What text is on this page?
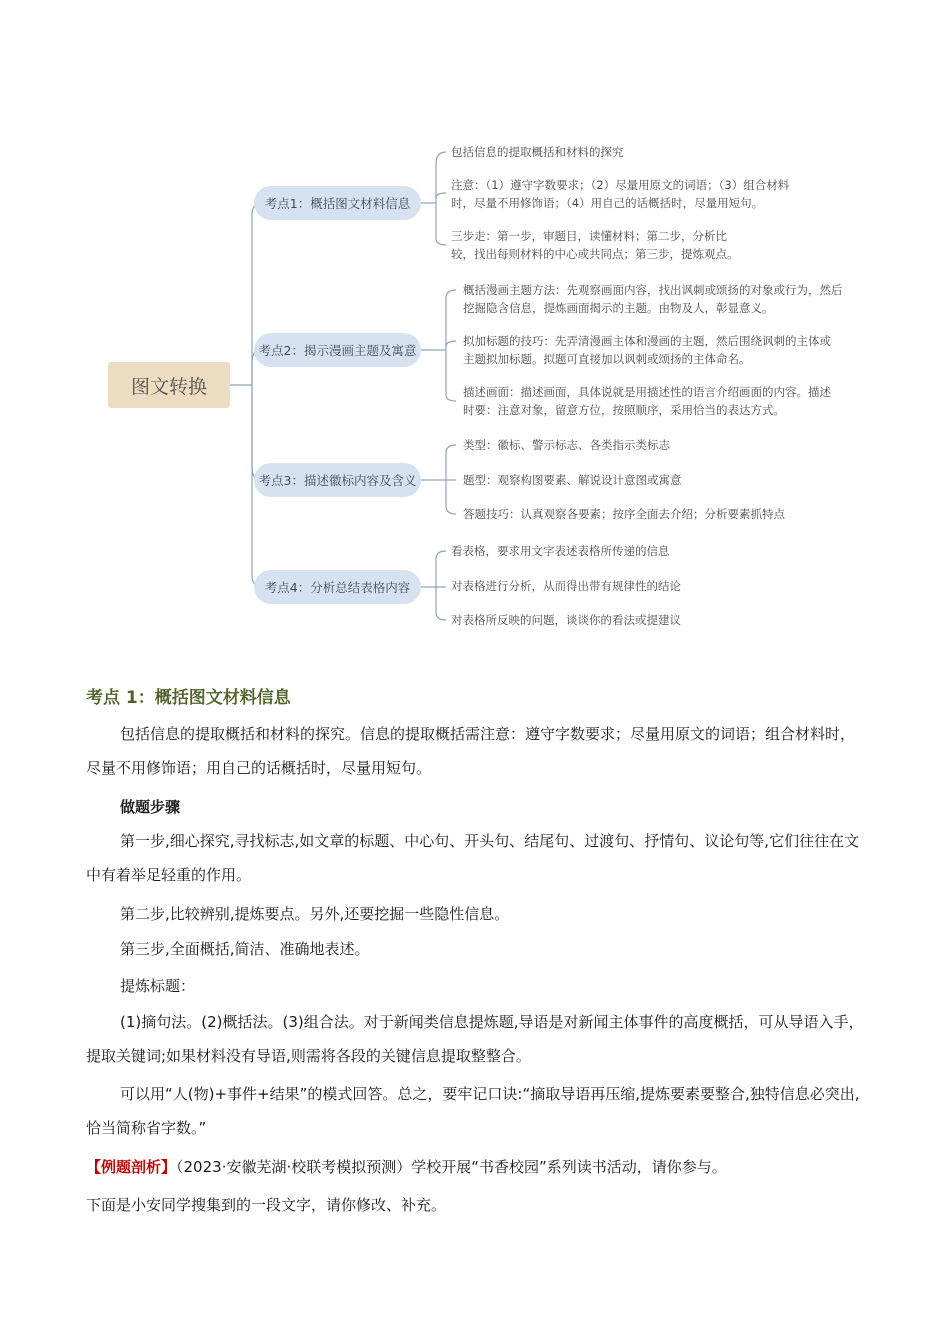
图文转换
考点1：概括图文材料信息
考点2：揭示漫画主题及寓意
考点3：描述徽标内容及含义
考点4：分析总结表格内容
包括信息的提取概括和材料的探究
注意：（1）遵守字数要求；（2）尽量用原文的词语；（3）组合材料
时，尽量不用修饰语；（4）用自己的话概括时，尽量用短句。
三步走：第一步，审题目，读懂材料；第二步，分析比
较，找出每则材料的中心或共同点；第三步，提炼观点。
概括漫画主题方法：先观察画面内容，找出讽刺或颂扬的对象或行为，然后
挖掘隐含信息，提炼画面揭示的主题。由物及人，彰显意义。
拟加标题的技巧：先弄清漫画主体和漫画的主题，然后围绕讽刺的主体或
主题拟加标题。拟题可直接加以讽刺或颂扬的主体命名。
描述画面：描述画面，具体说就是用描述性的语言介绍画面的内容。描述
时要：注意对象，留意方位，按照顺序，采用恰当的表达方式。
类型：徽标、警示标志、各类指示类标志
题型：观察构图要素、解说设计意图或寓意
答题技巧：认真观察各要素；按序全面去介绍；分析要素抓特点
看表格，要求用文字表述表格所传递的信息
对表格进行分析，从而得出带有规律性的结论
对表格所反映的问题，谈谈你的看法或提建议
考点 1：概括图文材料信息
包括信息的提取概括和材料的探究。信息的提取概括需注意：遵守字数要求；尽量用原文的词语；组合材料时，尽量不用修饰语；用自己的话概括时，尽量用短句。
做题步骤
第一步,细心探究,寻找标志,如文章的标题、中心句、开头句、结尾句、过渡句、抒情句、议论句等,它们往往在文中有着举足轻重的作用。
第二步,比较辨别,提炼要点。另外,还要挖掘一些隐性信息。
第三步,全面概括,简洁、准确地表述。
提炼标题：
(1)摘句法。(2)概括法。(3)组合法。对于新闻类信息提炼题,导语是对新闻主体事件的高度概括，可从导语入手，提取关键词;如果材料没有导语,则需将各段的关键信息提取整整合。
可以用“人(物)+事件+结果”的模式回答。总之，要牢记口诀:“摘取导语再压缩,提炼要素要整合,独特信息必突出,恰当简称省字数。”
【例题剖析】（2023·安徽芜湖·校联考模拟预测）学校开展“书香校园”系列读书活动，请你参与。
下面是小安同学搜集到的一段文字，请你修改、补充。
